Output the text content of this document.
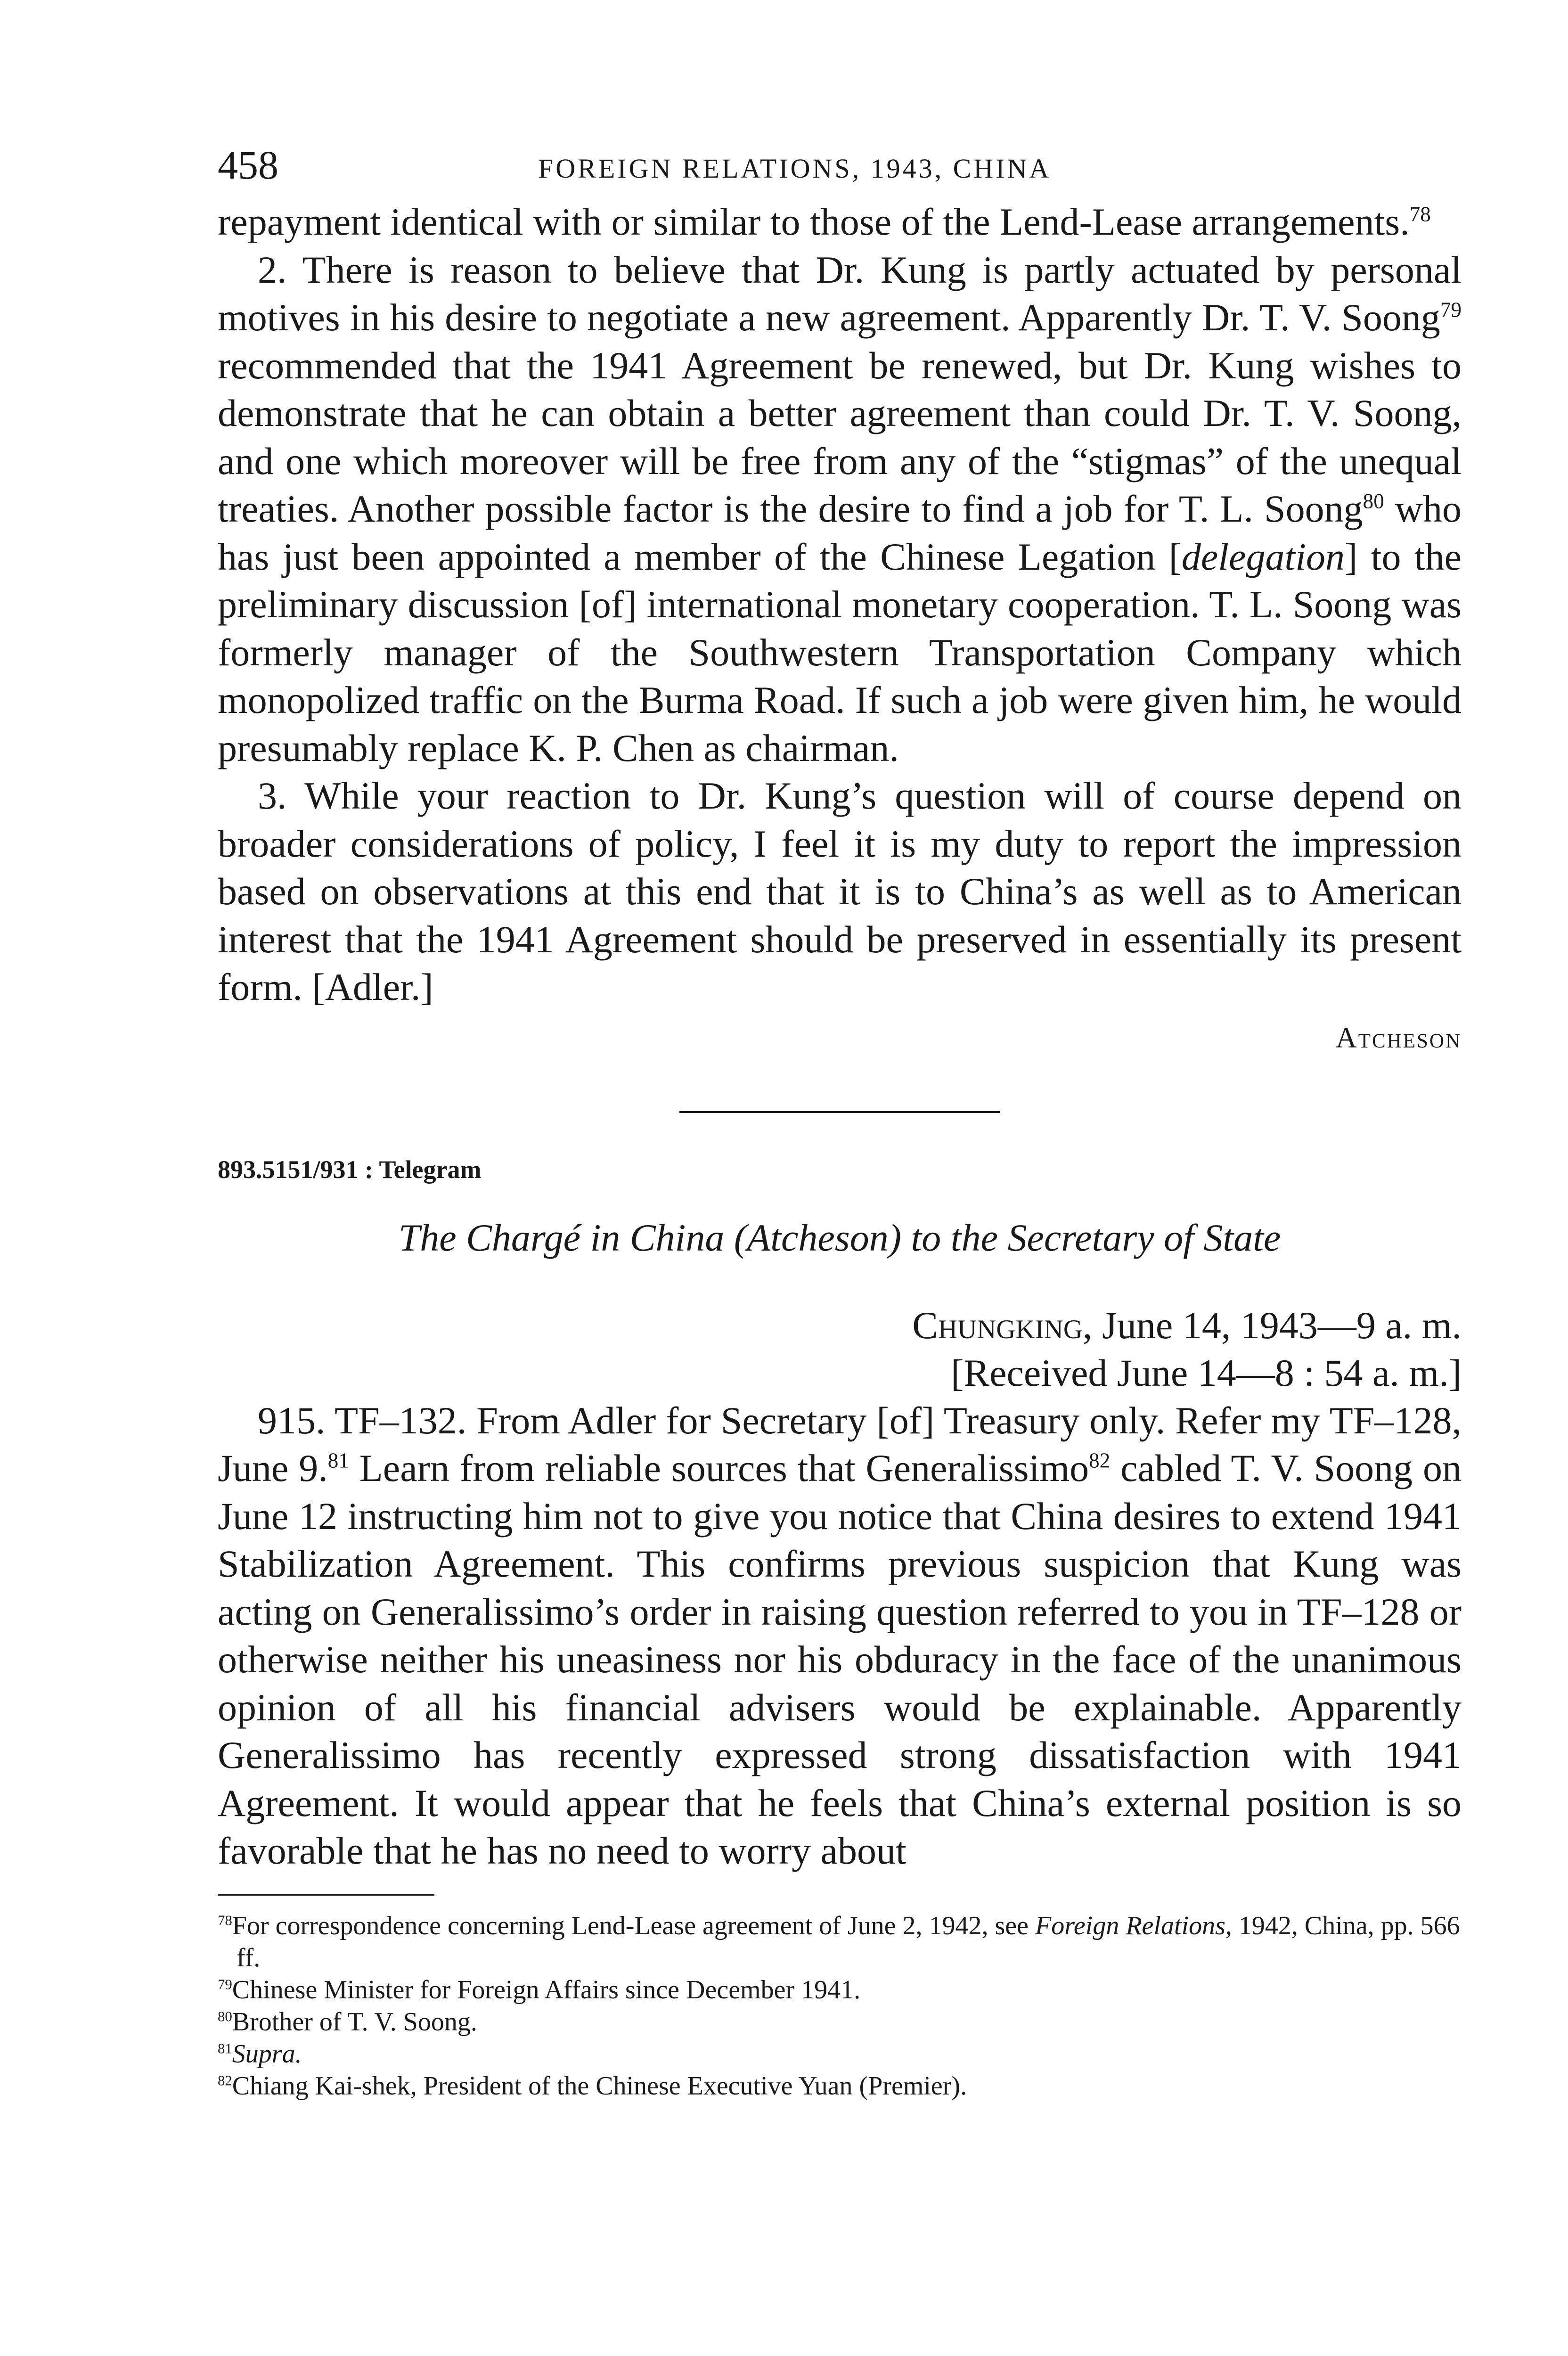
458	FOREIGN RELATIONS, 1943, CHINA

repayment identical with or similar to those of the Lend-Lease arrangements.$^{78}$

2. There is reason to believe that Dr. Kung is partly actuated by personal motives in his desire to negotiate a new agreement. Apparently Dr. T. V. Soong$^{79}$ recommended that the 1941 Agreement be renewed, but Dr. Kung wishes to demonstrate that he can obtain a better agreement than could Dr. T. V. Soong, and one which moreover will be free from any of the “stigmas” of the unequal treaties. Another possible factor is the desire to find a job for T. L. Soong$^{80}$ who has just been appointed a member of the Chinese Legation [delegation] to the preliminary discussion [of] international monetary cooperation. T. L. Soong was formerly manager of the Southwestern Transportation Company which monopolized traffic on the Burma Road. If such a job were given him, he would presumably replace K. P. Chen as chairman.

3. While your reaction to Dr. Kung’s question will of course depend on broader considerations of policy, I feel it is my duty to report the impression based on observations at this end that it is to China’s as well as to American interest that the 1941 Agreement should be preserved in essentially its present form. [Adler.]

Atcheson

893.5151/931 : Telegram

The Chargé in China (Atcheson) to the Secretary of State

Chungking, June 14, 1943—9 a. m.

[Received June 14—8 : 54 a. m.]

915. TF–132. From Adler for Secretary [of] Treasury only. Refer my TF–128, June 9.81 Learn from reliable sources that Generalissimo$^{82}$ cabled T. V. Soong on June 12 instructing him not to give you notice that China desires to extend 1941 Stabilization Agreement. This confirms previous suspicion that Kung was acting on Generalissimo’s order in raising question referred to you in TF–128 or otherwise neither his uneasiness nor his obduracy in the face of the unanimous opinion of all his financial advisers would be explainable. Apparently Generalissimo has recently expressed strong dissatisfaction with 1941 Agreement. It would appear that he feels that China’s external position is so favorable that he has no need to worry about

$^{78}$For correspondence concerning Lend-Lease agreement of June 2, 1942, see Foreign Relations, 1942, China, pp. 566 ff.

$^{79}$Chinese Minister for Foreign Affairs since December 1941.

$^{80}$Brother of T. V. Soong.

$^{81}$Supra.

$^{82}$Chiang Kai-shek, President of the Chinese Executive Yuan (Premier).
